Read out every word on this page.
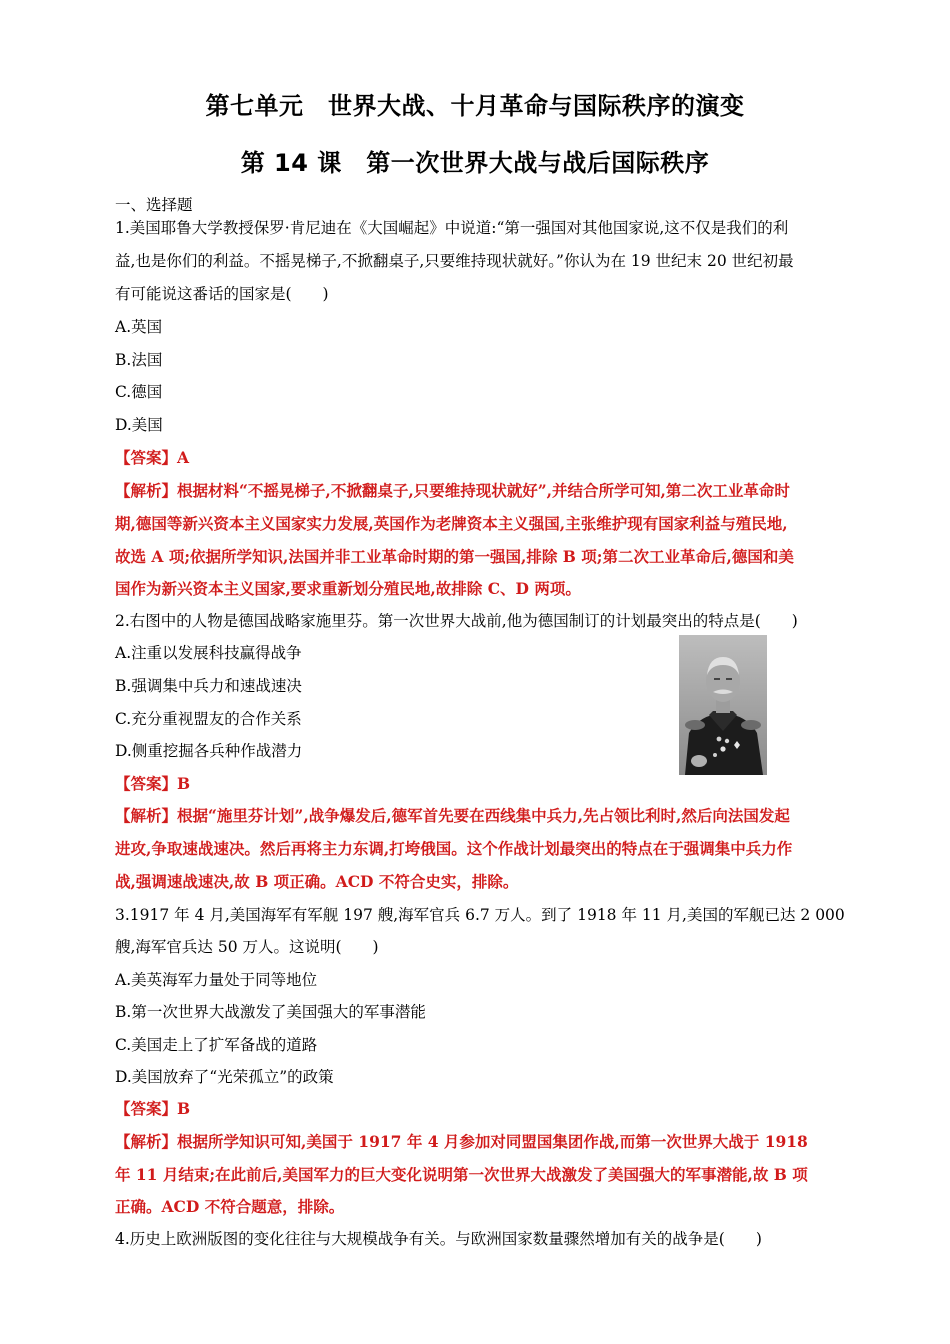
第七单元　世界大战、十月革命与国际秩序的演变
第 14 课　第一次世界大战与战后国际秩序

一、选择题

1.美国耶鲁大学教授保罗·肯尼迪在《大国崛起》中说道:“第一强国对其他国家说,这不仅是我们的利

益,也是你们的利益。不摇晃梯子,不掀翻桌子,只要维持现状就好。”你认为在 19 世纪末 20 世纪初最

有可能说这番话的国家是(　　)

A.英国

B.法国

C.德国

D.美国

【答案】A

【解析】根据材料“不摇晃梯子,不掀翻桌子,只要维持现状就好”,并结合所学可知,第二次工业革命时

期,德国等新兴资本主义国家实力发展,英国作为老牌资本主义强国,主张维护现有国家利益与殖民地,

故选 A 项;依据所学知识,法国并非工业革命时期的第一强国,排除 B 项;第二次工业革命后,德国和美

国作为新兴资本主义国家,要求重新划分殖民地,故排除 C、D 两项。

2.右图中的人物是德国战略家施里芬。第一次世界大战前,他为德国制订的计划最突出的特点是(　　)

A.注重以发展科技赢得战争

B.强调集中兵力和速战速决

C.充分重视盟友的合作关系

D.侧重挖掘各兵种作战潜力

【答案】B

【解析】根据“施里芬计划”,战争爆发后,德军首先要在西线集中兵力,先占领比利时,然后向法国发起

进攻,争取速战速决。然后再将主力东调,打垮俄国。这个作战计划最突出的特点在于强调集中兵力作

战,强调速战速决,故 B 项正确。ACD 不符合史实，排除。

3.1917 年 4 月,美国海军有军舰 197 艘,海军官兵 6.7 万人。到了 1918 年 11 月,美国的军舰已达 2 000

艘,海军官兵达 50 万人。这说明(　　)

A.美英海军力量处于同等地位

B.第一次世界大战激发了美国强大的军事潜能

C.美国走上了扩军备战的道路

D.美国放弃了“光荣孤立”的政策

【答案】B

【解析】根据所学知识可知,美国于 1917 年 4 月参加对同盟国集团作战,而第一次世界大战于 1918

年 11 月结束;在此前后,美国军力的巨大变化说明第一次世界大战激发了美国强大的军事潜能,故 B 项

正确。ACD 不符合题意，排除。

4.历史上欧洲版图的变化往往与大规模战争有关。与欧洲国家数量骤然增加有关的战争是(　　)
